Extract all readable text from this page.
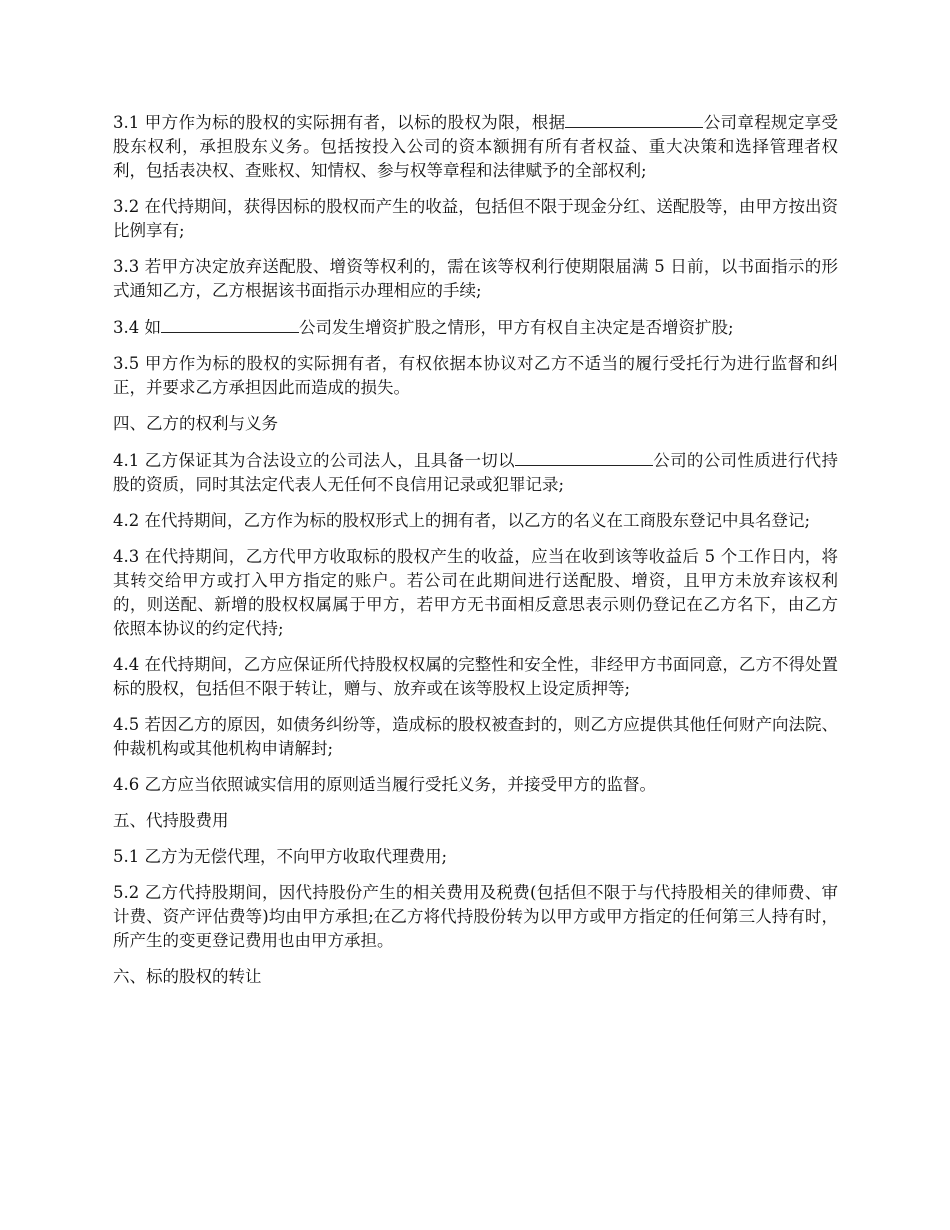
3.1 甲方作为标的股权的实际拥有者，以标的股权为限，根据	公司章程规定享受股东权利，承担股东义务。包括按投入公司的资本额拥有所有者权益、重大决策和选择管理者权利，包括表决权、查账权、知情权、参与权等章程和法律赋予的全部权利;

3.2 在代持期间，获得因标的股权而产生的收益，包括但不限于现金分红、送配股等，由甲方按出资比例享有;

3.3 若甲方决定放弃送配股、增资等权利的，需在该等权利行使期限届满 5 日前，以书面指示的形式通知乙方，乙方根据该书面指示办理相应的手续;

3.4 如	公司发生增资扩股之情形，甲方有权自主决定是否增资扩股;

3.5 甲方作为标的股权的实际拥有者，有权依据本协议对乙方不适当的履行受托行为进行监督和纠正，并要求乙方承担因此而造成的损失。

四、乙方的权利与义务

4.1 乙方保证其为合法设立的公司法人，且具备一切以	公司的公司性质进行代持股的资质，同时其法定代表人无任何不良信用记录或犯罪记录;

4.2 在代持期间，乙方作为标的股权形式上的拥有者，以乙方的名义在工商股东登记中具名登记;

4.3 在代持期间，乙方代甲方收取标的股权产生的收益，应当在收到该等收益后 5 个工作日内，将其转交给甲方或打入甲方指定的账户。若公司在此期间进行送配股、增资，且甲方未放弃该权利的，则送配、新增的股权权属属于甲方，若甲方无书面相反意思表示则仍登记在乙方名下，由乙方依照本协议的约定代持;

4.4 在代持期间，乙方应保证所代持股权权属的完整性和安全性，非经甲方书面同意，乙方不得处置标的股权，包括但不限于转让，赠与、放弃或在该等股权上设定质押等;

4.5 若因乙方的原因，如债务纠纷等，造成标的股权被查封的，则乙方应提供其他任何财产向法院、仲裁机构或其他机构申请解封;

4.6 乙方应当依照诚实信用的原则适当履行受托义务，并接受甲方的监督。

五、代持股费用

5.1 乙方为无偿代理，不向甲方收取代理费用;

5.2 乙方代持股期间，因代持股份产生的相关费用及税费(包括但不限于与代持股相关的律师费、审计费、资产评估费等)均由甲方承担;在乙方将代持股份转为以甲方或甲方指定的任何第三人持有时，所产生的变更登记费用也由甲方承担。

六、标的股权的转让
